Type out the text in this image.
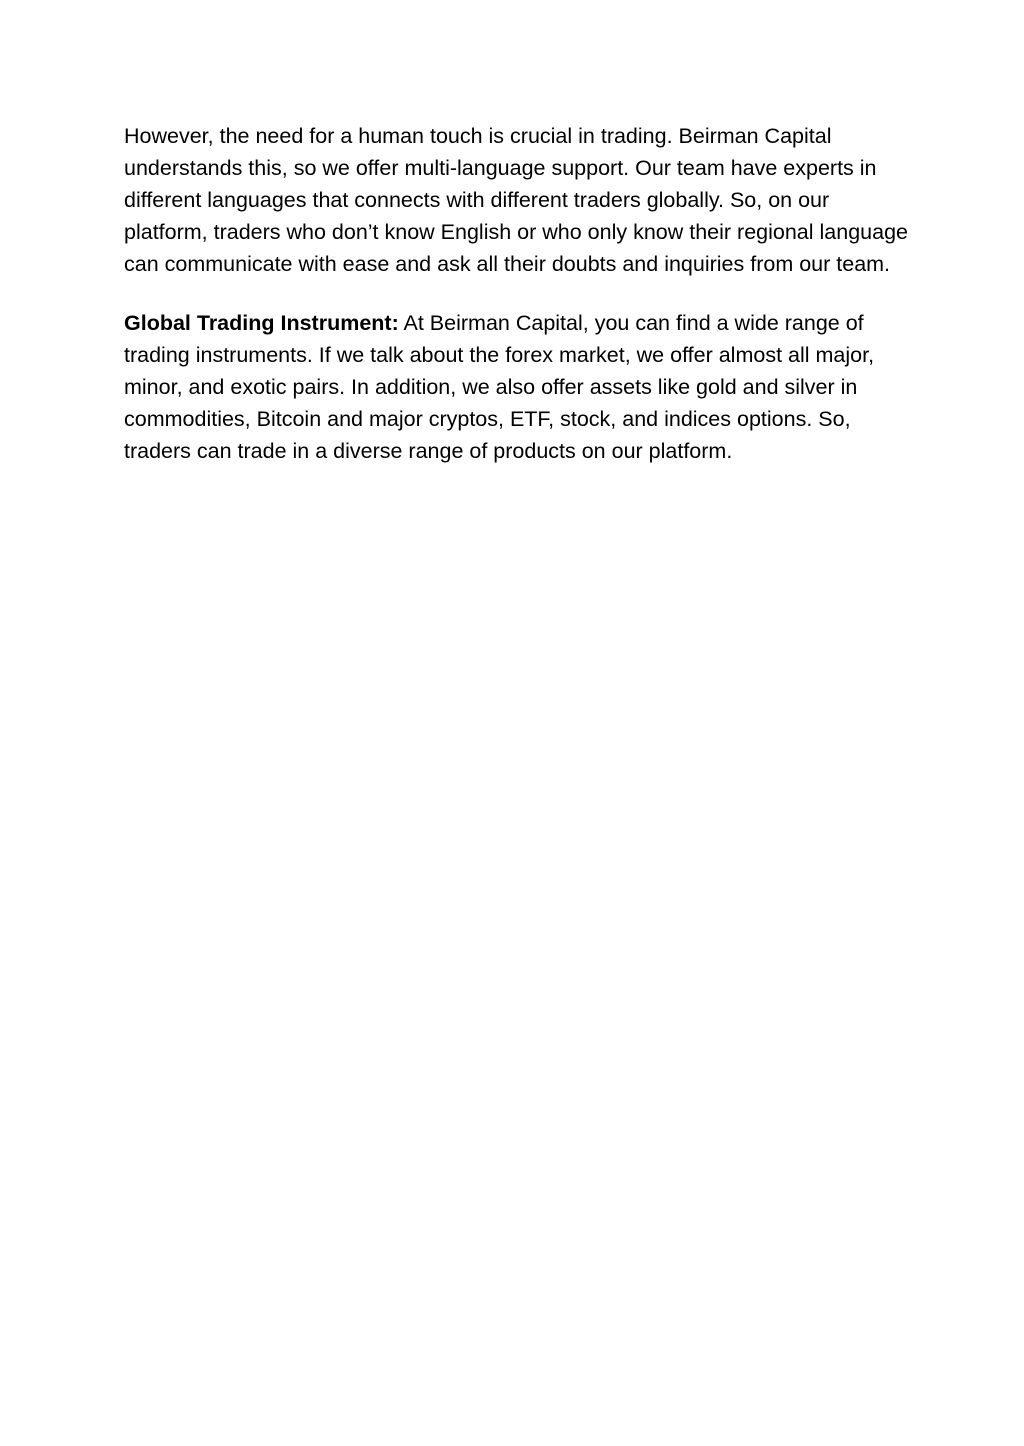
However, the need for a human touch is crucial in trading. Beirman Capital understands this, so we offer multi-language support. Our team have experts in different languages that connects with different traders globally. So, on our platform, traders who don’t know English or who only know their regional language can communicate with ease and ask all their doubts and inquiries from our team.

Global Trading Instrument: At Beirman Capital, you can find a wide range of trading instruments. If we talk about the forex market, we offer almost all major, minor, and exotic pairs. In addition, we also offer assets like gold and silver in commodities, Bitcoin and major cryptos, ETF, stock, and indices options. So, traders can trade in a diverse range of products on our platform.
